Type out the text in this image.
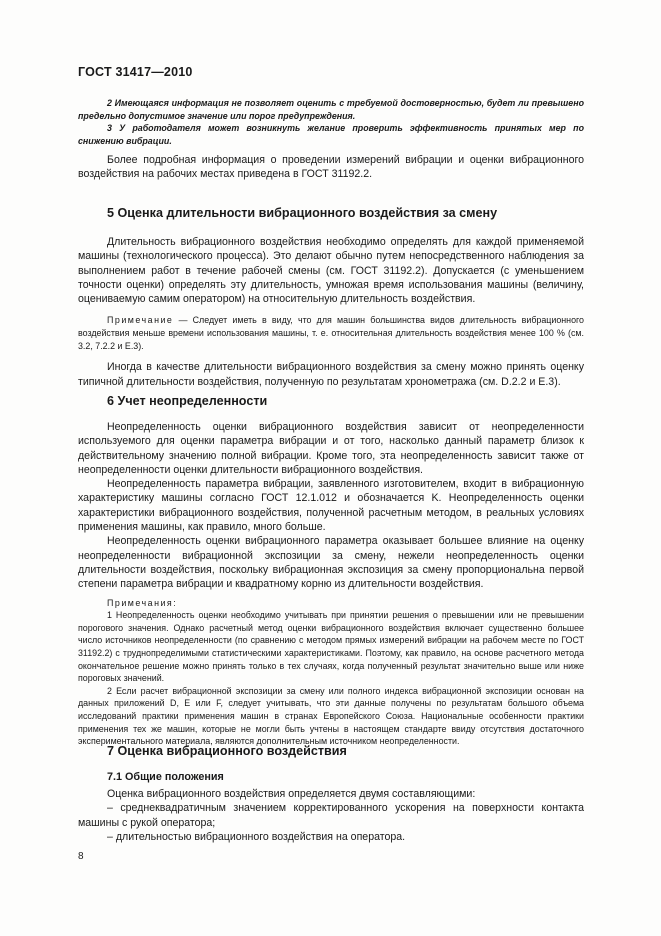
ГОСТ 31417—2010

2 Имеющаяся информация не позволяет оценить с требуемой достоверностью, будет ли превышено предельно допустимое значение или порог предупреждения.

3 У работодателя может возникнуть желание проверить эффективность принятых мер по снижению вибрации.

Более подробная информация о проведении измерений вибрации и оценки вибрационного воздействия на рабочих местах приведена в ГОСТ 31192.2.

5 Оценка длительности вибрационного воздействия за смену

Длительность вибрационного воздействия необходимо определять для каждой применяемой машины (технологического процесса). Это делают обычно путем непосредственного наблюдения за выполнением работ в течение рабочей смены (см. ГОСТ 31192.2). Допускается (с уменьшением точности оценки) определять эту длительность, умножая время использования машины (величину, оцениваемую самим оператором) на относительную длительность воздействия.

Примечание — Следует иметь в виду, что для машин большинства видов длительность вибрационного воздействия меньше времени использования машины, т. е. относительная длительность воздействия менее 100 % (см. 3.2, 7.2.2 и Е.3).

Иногда в качестве длительности вибрационного воздействия за смену можно принять оценку типичной длительности воздействия, полученную по результатам хронометража (см. D.2.2 и Е.3).

6 Учет неопределенности

Неопределенность оценки вибрационного воздействия зависит от неопределенности используемого для оценки параметра вибрации и от того, насколько данный параметр близок к действительному значению полной вибрации. Кроме того, эта неопределенность зависит также от неопределенности оценки длительности вибрационного воздействия.

Неопределенность параметра вибрации, заявленного изготовителем, входит в вибрационную характеристику машины согласно ГОСТ 12.1.012 и обозначается K. Неопределенность оценки характеристики вибрационного воздействия, полученной расчетным методом, в реальных условиях применения машины, как правило, много больше.

Неопределенность оценки вибрационного параметра оказывает большее влияние на оценку неопределенности вибрационной экспозиции за смену, нежели неопределенность оценки длительности воздействия, поскольку вибрационная экспозиция за смену пропорциональна первой степени параметра вибрации и квадратному корню из длительности воздействия.

Примечания:

1 Неопределенность оценки необходимо учитывать при принятии решения о превышении или не превышении порогового значения. Однако расчетный метод оценки вибрационного воздействия включает существенно большее число источников неопределенности (по сравнению с методом прямых измерений вибрации на рабочем месте по ГОСТ 31192.2) с труднопределимыми статистическими характеристиками. Поэтому, как правило, на основе расчетного метода окончательное решение можно принять только в тех случаях, когда полученный результат значительно выше или ниже пороговых значений.

2 Если расчет вибрационной экспозиции за смену или полного индекса вибрационной экспозиции основан на данных приложений D, Е или F, следует учитывать, что эти данные получены по результатам большого объема исследований практики применения машин в странах Европейского Союза. Национальные особенности практики применения тех же машин, которые не могли быть учтены в настоящем стандарте ввиду отсутствия достаточного экспериментального материала, являются дополнительным источником неопределенности.

7 Оценка вибрационного воздействия
7.1 Общие положения

Оценка вибрационного воздействия определяется двумя составляющими:

– среднеквадратичным значением корректированного ускорения на поверхности контакта машины с рукой оператора;

– длительностью вибрационного воздействия на оператора.

8
